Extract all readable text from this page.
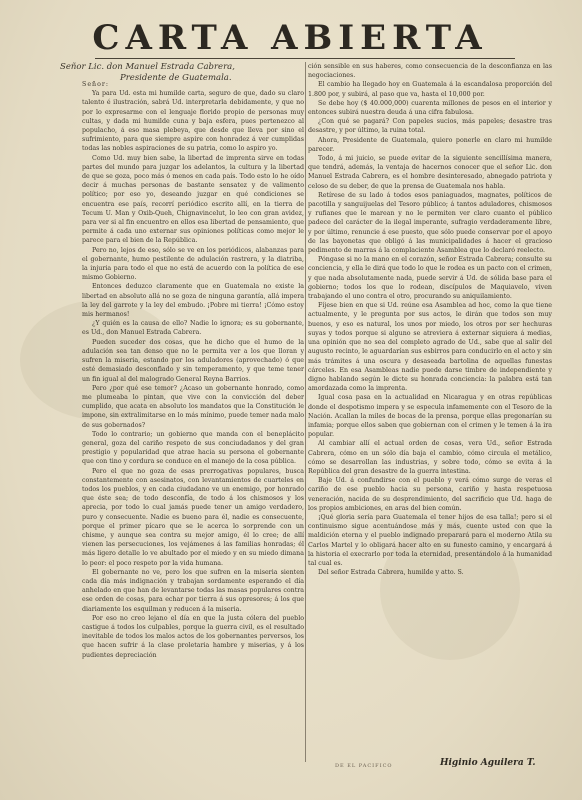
CARTA ABIERTA
Señor Lic. don Manuel Estrada Cabrera,
Presidente de Guatemala.

Señor:

Ya para Ud. esta mi humilde carta, seguro de que, dado su claro talento é ilustración, sabrá Ud. interpretarla debidamente, y que no por lo expresarme con el lenguaje florido propio de personas muy cultas, y dada mi humilde cuna y baja esfera, pues pertenezco al populacho, á eso masa plebeya, que desde que lleva por sino el sufrimiento, para que siempre aspire con honradez á ver cumplidas todas las nobles aspiraciones de su patria, como lo aspiro yo.

Como Ud. muy bien sabe, la libertad de imprenta sirve en todas partes del mundo para juzgar los adelantos, la cultura y la libertad de que se goza, poco más ó menos en cada país. Todo esto lo he oído decir á muchas personas de bastante sensatez y de valimento político; por eso yo, deseando juzgar en qué condiciones se encuentra ese país, recorrí periódico escrito allí, en la tierra de Tecum U. Man y Oxib-Queh, Chignavincelut, lo leo con gran avidez, para ver si al fin encuentro en ellos esa libertad de pensamiento, que permite á cada uno externar sus opiniones políticas como mejor le parece para el bien de la República.

Pero no, lejos de eso, sólo se ve en los periódicos, alabanzas para el gobernante, humo pestilente de adulación rastrera, y la diatriba, la injuria para todo el que no está de acuerdo con la política de ese mismo Gobierno.

Entonces deduzco claramente que en Guatemala no existe la libertad en absoluto allá no se goza de ninguna garantía, allá impera la ley del garrote y la ley del embudo. ¡Pobre mi tierra! ¡Cómo estoy mis hermanos!

¿Y quién es la causa de ello? Nadie lo ignora; es su gobernante, es Ud., don Manuel Estrada Cabrera.

Pueden suceder dos cosas, que he dicho que el humo de la adulación sea tan denso que no le permita ver a los que lloran y sufren la miseria, estando por los aduladores (aprovechado) ó que esté demasiado desconfiado y sin temperamento, y que teme tener un fin igual al del malogrado General Reyna Barrios.

Pero ¿por qué ese temor? ¿Acaso un gobernante honrado, como me plumeaba lo pintan, que vive con la convicción del deber cumplido, que acata en absoluto los mandatos que la Constitución le impone, sin extralimitarse en lo más mínimo, puede temer nada malo de sus gobernados?

Todo lo contrario; un gobierno que manda con el beneplácito general, goza del cariño respeto de sus conciudadanos y del gran prestigio y popularidad que atrae hacia su persona el gobernante que con tino y cordura se conduce en el manejo de la cosa pública.

Pero el que no goza de esas prerrogativas populares, busca constantemente con asesinatos, con levantamientos de cuarteles en todos los pueblos, y en cada ciudadano ve un enemigo, por honrado que éste sea; de todo desconfía, de todo á los chismosos y los aprecia, por todo lo cual jamás puede tener un amigo verdadero, puro y consecuente. Nadie es bueno para él, nadie es consecuente, porque el primer pícaro que se le acerca lo sorprende con un chisme, y aunque sea contra su mejor amigo, él lo cree; de allí vienen las persecuciones, los vejámenes á las familias honradas; él más ligero detalle lo ve abultado por el miedo y en su miedo dimana lo peor: el poco respeto por la vida humana.

El gobernante no ve, pero los que sufren en la miseria sienten cada día más indignación y trabajan sordamente esperando el día anhelado en que han de levantarse todas las masas populares contra ese orden de cosas, para echar por tierra á sus opresores; á los que diariamente los esquilman y reducen á la miseria.

Por eso no creo lejano el día en que la justa cólera del pueblo castigue á todos los culpables, porque la guerra civil, es el resultado inevitable de todos los malos actos de los gobernantes perversos, los que hacen sufrir á la clase proletaria hambre y miserias, y á los pudientes depreciación

ción sensible en sus haberes, como consecuencia de la desconfianza en las negociaciones.

El cambio ha llegado hoy en Guatemala á la escandalosa proporción del 1.800 por, y subirá, al paso que va, hasta el 10,000 por.

Se debe hoy ($ 40.000,000) cuarenta millones de pesos en el interior y entonces subirá nuestra deuda á una cifra fabulosa.

¿Con qué se pagará? Con papeles sucios, más papeles; desastre tras desastre, y por último, la ruina total.

Ahora, Presidente de Guatemala, quiero ponerle en claro mi humilde parecer.

Todo, á mi juicio, se puede evitar de la siguiente sencillísima manera, que tendrá, además, la ventaja de hacernos conocer que el señor Lic. don Manuel Estrada Cabrera, es el hombre desinteresado, abnegado patriota y celoso de su deber, de que la prensa de Guatemala nos habla.

Retírese de su lado á todos esos paniaguados, magnates, políticos de pacotilla y sanguijuelas del Tesoro público; á tantos aduladores, chismosos y rufianes que le marean y no le permiten ver claro cuanto el público padece del carácter de la ilegal imperante, sufragio verdaderamente libre, y por último, renuncie á ese puesto, que sólo puede conservar por el apoyo de las bayonetas que obligó á las municipalidades á hacer el gracioso pedimento de marras á la complaciente Asamblea que lo declaró reelecto.

Póngase si no la mano en el corazón, señor Estrada Cabrera; consulte su conciencia, y ella le dirá que todo lo que le rodea es un pacto con el crimen, y que nada absolutamente nada, puede servir á Ud. de sólida base para el gobierno; todos los que lo rodean, discípulos de Maquiavelo, viven trabajando el uno contra el otro, procurando su aniquilamiento.

Fíjese bien en que si Ud. reúne esa Asamblea ad hoc, como la que tiene actualmente, y le pregunta por sus actos, le dirán que todos son muy buenos, y eso es natural, los unos por miedo, los otros por ser hechuras suyas y todos porque si alguno se atreviera á externar siquiera á medias, una opinión que no sea del completo agrado de Ud., sabe que al salir del augusto recinto, le aguardarían sus esbirros para conducirlo en el acto y sin más trámites á una oscura y desaseada bartolina de aquellas funestas cárceles. En esa Asambleas nadie puede darse timbre de independiente y digno hablando según le dicte su honrada conciencia: la palabra está tan amordazada como la imprenta.

Igual cosa pasa en la actualidad en Nicaragua y en otras repúblicas donde el despotismo impera y se especula infamemente con el Tesoro de la Nación. Acallan la miles de bocas de la prensa, porque ellas pregonarían su infamia; porque ellos saben que gobiernan con el crimen y le temen á la ira popular.

Al cambiar allí el actual orden de cosas, vera Ud., señor Estrada Cabrera, cómo en un sólo día baja el cambio, cómo circula el metálico, cómo se desarrollan las industrias, y sobre todo, cómo se evita á la República del gran desastre de la guerra intestina.

Baje Ud. á confundirse con el pueblo y verá cómo surge de veras el cariño de ese pueblo hacia su persona, cariño y hasta respetuosa veneración, nacida de su desprendimiento, del sacrificio que Ud. haga de los propios ambiciones, en aras del bien común.

¡Qué gloria sería para Guatemala el tener hijos de esa talla!; pero si el continuismo sigue acentuándose más y más, cuente usted con que la maldición eterna y el pueblo indignado preparará para el moderno Atila su Carlos Martel y lo obligará hacer alto en su funesto camino, y encargará á la historia el execrarlo por toda la eternidad, presentándolo á la humanidad tal cual es.

Del señor Estrada Cabrera, humilde y atto. S.

DE EL PACIFICO	Higinio Aguilera T.
